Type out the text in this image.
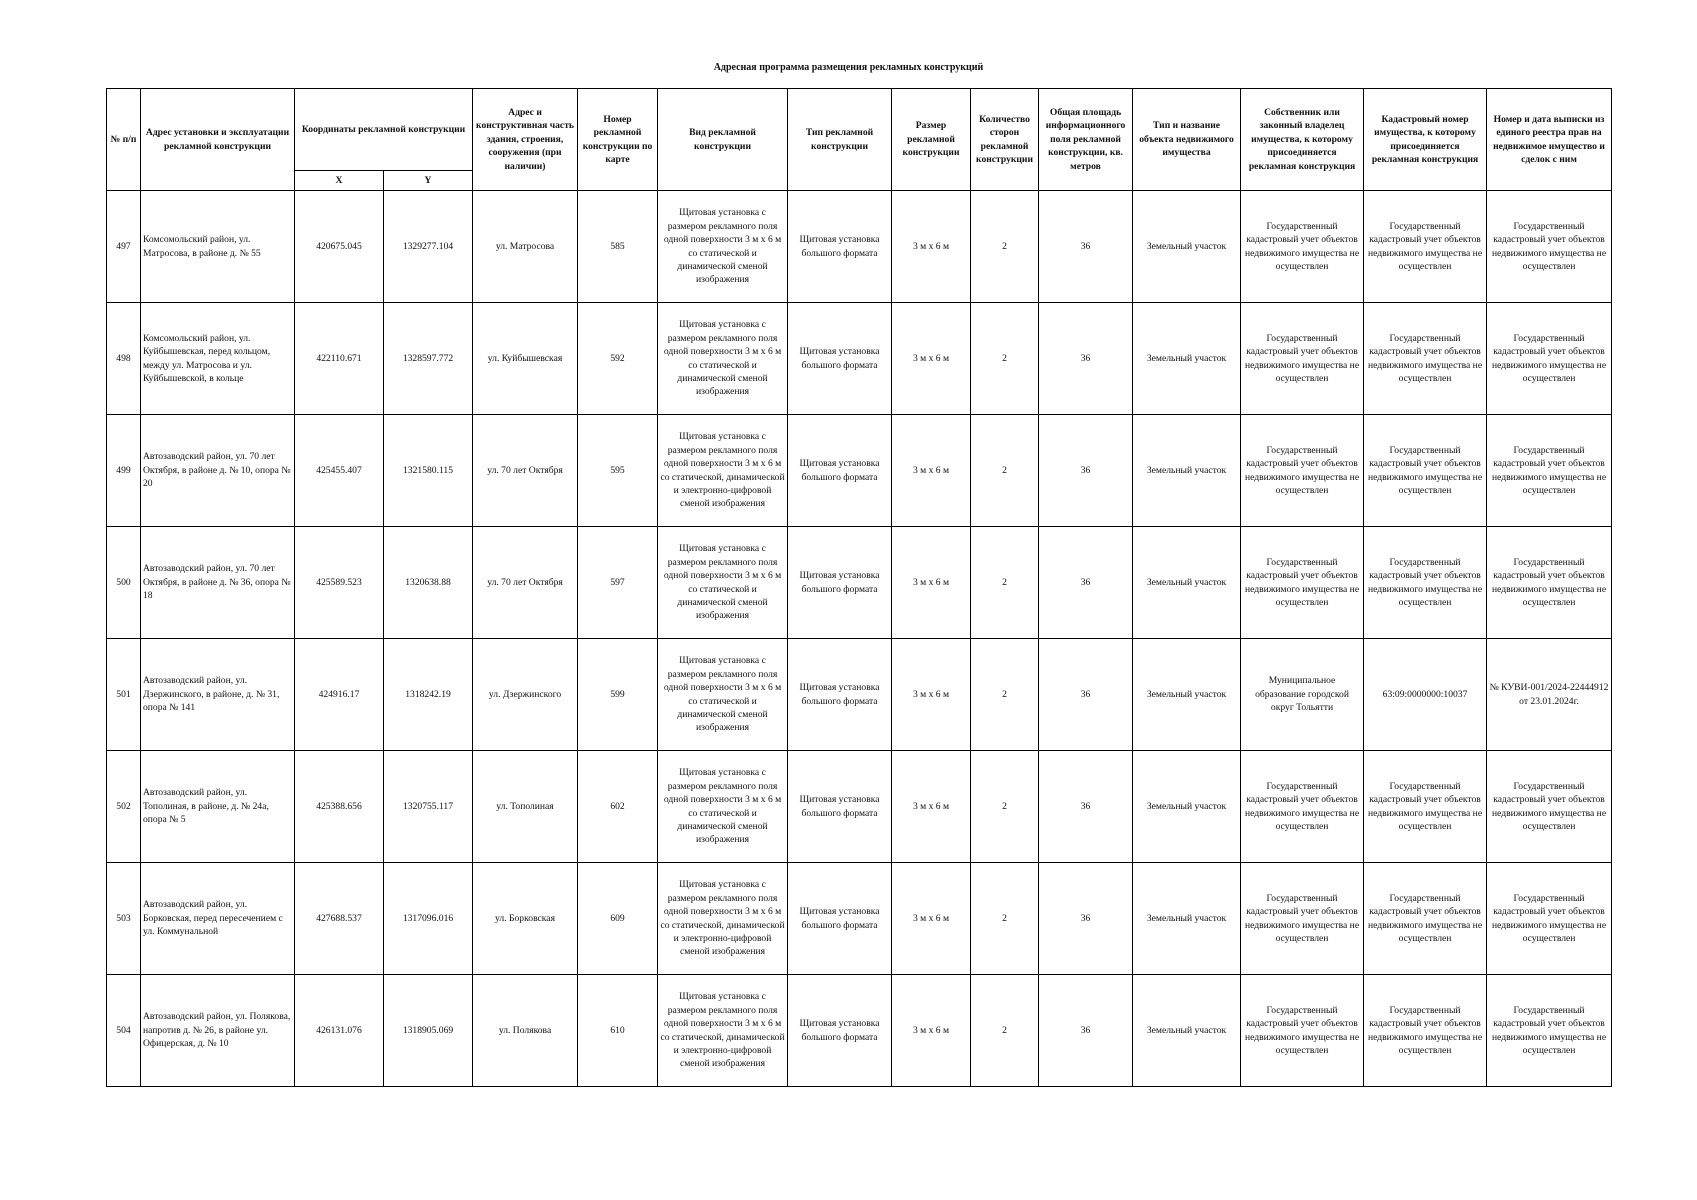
Адресная программа размещения рекламных конструкций
№ п/п	Адрес установки и эксплуатации рекламной конструкции	Координаты рекламной конструкции		Адрес и конструктивная часть здания, строения, сооружения (при наличии)	Номер рекламной конструкции по карте	Вид рекламной конструкции	Тип рекламной конструкции	Размер рекламной конструкции	Количество сторон рекламной конструкции	Общая площадь информационного поля рекламной конструкции, кв. метров	Тип и название объекта недвижимого имущества	Собственник или законный владелец имущества, к которому присоединяется рекламная конструкция	Кадастровый номер имущества, к которому присоединяется рекламная конструкция	Номер и дата выписки из единого реестра прав на недвижимое имущество и сделок с ним
		X	Y											
497	Комсомольский район, ул. Матросова, в районе д. № 55	420675.045	1329277.104	ул. Матросова	585	Щитовая установка с размером рекламного поля одной поверхности 3 м х 6 м со статической и динамической сменой изображения	Щитовая установка большого формата	3 м х 6 м	2	36	Земельный участок	Государственный кадастровый учет объектов недвижимого имущества не осуществлен	Государственный кадастровый учет объектов недвижимого имущества не осуществлен	Государственный кадастровый учет объектов недвижимого имущества не осуществлен
498	Комсомольский район, ул. Куйбышевская, перед кольцом, между ул. Матросова и ул. Куйбышевской, в кольце	422110.671	1328597.772	ул. Куйбышевская	592	Щитовая установка с размером рекламного поля одной поверхности 3 м х 6 м со статической и динамической сменой изображения	Щитовая установка большого формата	3 м х 6 м	2	36	Земельный участок	Государственный кадастровый учет объектов недвижимого имущества не осуществлен	Государственный кадастровый учет объектов недвижимого имущества не осуществлен	Государственный кадастровый учет объектов недвижимого имущества не осуществлен
499	Автозаводский район, ул. 70 лет Октября, в районе д. № 10, опора № 20	425455.407	1321580.115	ул. 70 лет Октября	595	Щитовая установка с размером рекламного поля одной поверхности 3 м х 6 м со статической, динамической и электронно-цифровой сменой изображения	Щитовая установка большого формата	3 м х 6 м	2	36	Земельный участок	Государственный кадастровый учет объектов недвижимого имущества не осуществлен	Государственный кадастровый учет объектов недвижимого имущества не осуществлен	Государственный кадастровый учет объектов недвижимого имущества не осуществлен
500	Автозаводский район, ул. 70 лет Октября, в районе д. № 36, опора № 18	425589.523	1320638.88	ул. 70 лет Октября	597	Щитовая установка с размером рекламного поля одной поверхности 3 м х 6 м со статической и динамической сменой изображения	Щитовая установка большого формата	3 м х 6 м	2	36	Земельный участок	Государственный кадастровый учет объектов недвижимого имущества не осуществлен	Государственный кадастровый учет объектов недвижимого имущества не осуществлен	Государственный кадастровый учет объектов недвижимого имущества не осуществлен
501	Автозаводский район, ул. Дзержинского, в районе, д. № 31, опора № 141	424916.17	1318242.19	ул. Дзержинского	599	Щитовая установка с размером рекламного поля одной поверхности 3 м х 6 м со статической и динамической сменой изображения	Щитовая установка большого формата	3 м х 6 м	2	36	Земельный участок	Муниципальное образование городской округ Тольятти	63:09:0000000:10037	№ КУВИ-001/2024-22444912 от 23.01.2024г.
502	Автозаводский район, ул. Тополиная, в районе, д. № 24а, опора № 5	425388.656	1320755.117	ул. Тополиная	602	Щитовая установка с размером рекламного поля одной поверхности 3 м х 6 м со статической и динамической сменой изображения	Щитовая установка большого формата	3 м х 6 м	2	36	Земельный участок	Государственный кадастровый учет объектов недвижимого имущества не осуществлен	Государственный кадастровый учет объектов недвижимого имущества не осуществлен	Государственный кадастровый учет объектов недвижимого имущества не осуществлен
503	Автозаводский район, ул. Борковская, перед пересечением с ул. Коммунальной	427688.537	1317096.016	ул. Борковская	609	Щитовая установка с размером рекламного поля одной поверхности 3 м х 6 м со статической, динамической и электронно-цифровой сменой изображения	Щитовая установка большого формата	3 м х 6 м	2	36	Земельный участок	Государственный кадастровый учет объектов недвижимого имущества не осуществлен	Государственный кадастровый учет объектов недвижимого имущества не осуществлен	Государственный кадастровый учет объектов недвижимого имущества не осуществлен
504	Автозаводский район, ул. Полякова, напротив д. № 26, в районе ул. Офицерская, д. № 10	426131.076	1318905.069	ул. Полякова	610	Щитовая установка с размером рекламного поля одной поверхности 3 м х 6 м со статической, динамической и электронно-цифровой сменой изображения	Щитовая установка большого формата	3 м х 6 м	2	36	Земельный участок	Государственный кадастровый учет объектов недвижимого имущества не осуществлен	Государственный кадастровый учет объектов недвижимого имущества не осуществлен	Государственный кадастровый учет объектов недвижимого имущества не осуществлен
